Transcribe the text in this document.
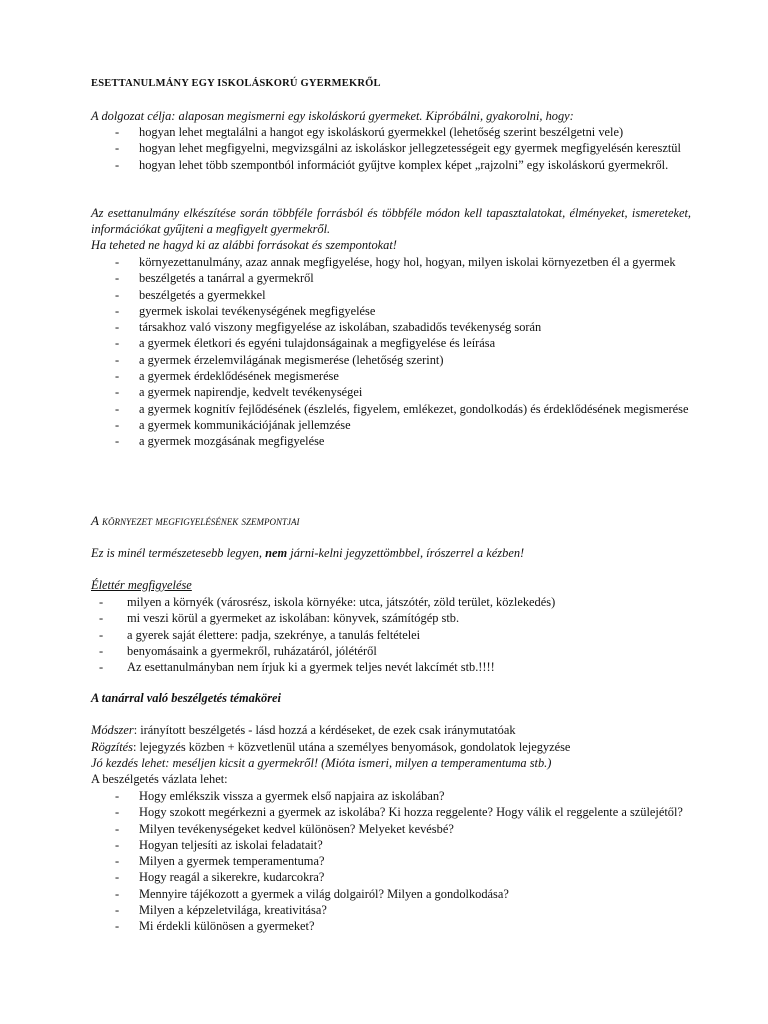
ESETTANULMÁNY EGY ISKOLÁSKORÚ GYERMEKRŐL
A dolgozat célja: alaposan megismerni egy iskoláskorú gyermeket. Kipróbálni, gyakorolni, hogy:
- hogyan lehet megtalálni a hangot egy iskoláskorú gyermekkel (lehetőség szerint beszélgetni vele)
- hogyan lehet megfigyelni, megvizsgálni az iskoláskor jellegzetességeit egy gyermek megfigyelésén keresztül
- hogyan lehet több szempontból információt gyűjtve komplex képet „rajzolni” egy iskoláskorú gyermekről.
Az esettanulmány elkészítése során többféle forrásból és többféle módon kell tapasztalatokat, élményeket, ismereteket, információkat gyűjteni a megfigyelt gyermekről.
Ha teheted ne hagyd ki az alábbi forrásokat és szempontokat!
- környezettanulmány, azaz annak megfigyelése, hogy hol, hogyan, milyen iskolai környezetben él a gyermek
- beszélgetés a tanárral a gyermekről
- beszélgetés a gyermekkel
- gyermek iskolai tevékenységének megfigyelése
- társakhoz való viszony megfigyelése az iskolában, szabadidős tevékenység során
- a gyermek életkori és egyéni tulajdonságainak a megfigyelése és leírása
- a gyermek érzelemvilágának megismerése (lehetőség szerint)
- a gyermek érdeklődésének megismerése
- a gyermek napirendje, kedvelt tevékenységei
- a gyermek kognitív fejlődésének (észlelés, figyelem, emlékezet, gondolkodás) és érdeklődésének megismerése
- a gyermek kommunikációjának jellemzése
- a gyermek mozgásának megfigyelése
A környezet megfigyelésének szempontjai
Ez is minél természetesebb legyen, nem járni-kelni jegyzettömbbel, írószerrel a kézben!
Élettér megfigyelése
- milyen a környék (városrész, iskola környéke: utca, játszótér, zöld terület, közlekedés)
- mi veszi körül a gyermeket az iskolában: könyvek, számítógép stb.
- a gyerek saját élettere: padja, szekrénye, a tanulás feltételei
- benyomásaink a gyermekről, ruházatáról, jólétéről
- Az esettanulmányban nem írjuk ki a gyermek teljes nevét lakcímét stb.!!!!
A tanárral való beszélgetés témakörei
Módszer: irányított beszélgetés - lásd hozzá a kérdéseket, de ezek csak iránymutatóak
Rögzítés: lejegyzés közben + közvetlenül utána a személyes benyomások, gondolatok lejegyzése
Jó kezdés lehet: meséljen kicsit a gyermekről! (Mióta ismeri, milyen a temperamentuma stb.)
A beszélgetés vázlata lehet:
- Hogy emlékszik vissza a gyermek első napjaira az iskolában?
- Hogy szokott megérkezni a gyermek az iskolába? Ki hozza reggelente? Hogy válik el reggelente a szülejétől?
- Milyen tevékenységeket kedvel különösen? Melyeket kevésbé?
- Hogyan teljesíti az iskolai feladatait?
- Milyen a gyermek temperamentuma?
- Hogy reagál a sikerekre, kudarcokra?
- Mennyire tájékozott a gyermek a világ dolgairól? Milyen a gondolkodása?
- Milyen a képzeletvilága, kreativitása?
- Mi érdekli különösen a gyermeket?
